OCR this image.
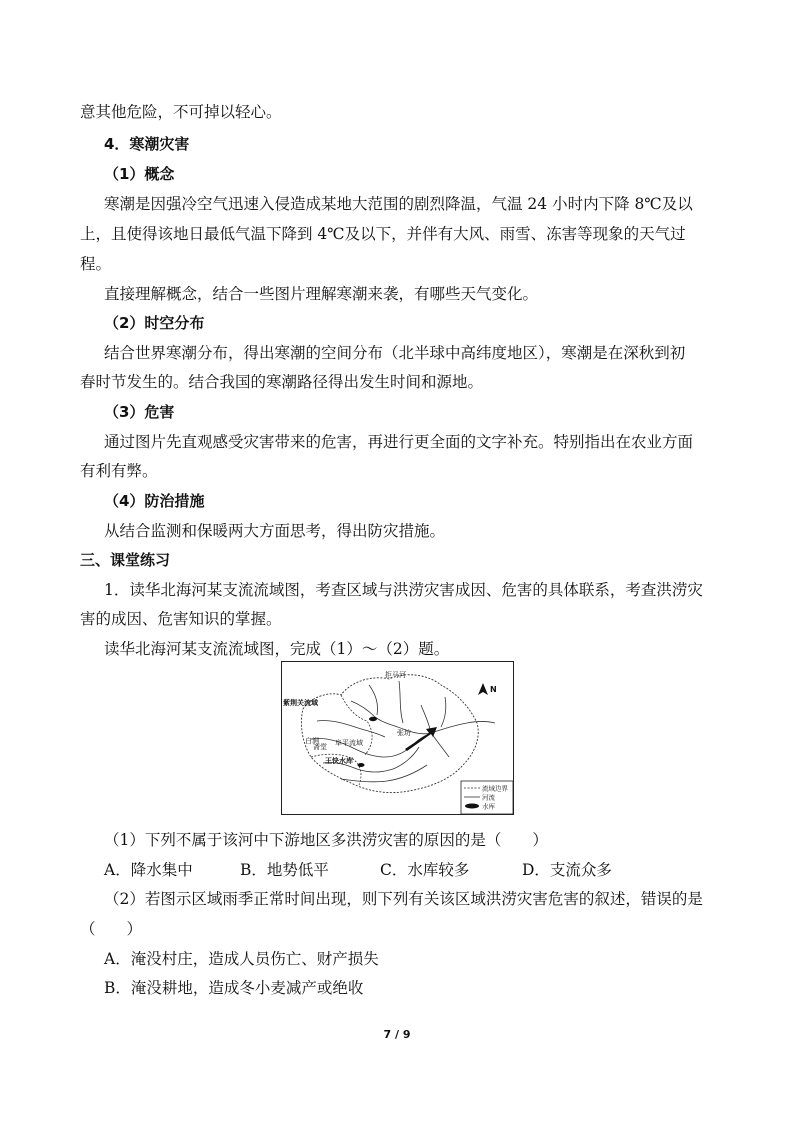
意其他危险，不可掉以轻心。
4．寒潮灾害
（1）概念
寒潮是因强冷空气迅速入侵造成某地大范围的剧烈降温，气温 24 小时内下降 8℃及以
上，且使得该地日最低气温下降到 4℃及以下，并伴有大风、雨雪、冻害等现象的天气过
程。
直接理解概念，结合一些图片理解寒潮来袭，有哪些天气变化。
（2）时空分布
结合世界寒潮分布，得出寒潮的空间分布（北半球中高纬度地区），寒潮是在深秋到初
春时节发生的。结合我国的寒潮路径得出发生时间和源地。
（3）危害
通过图片先直观感受灾害带来的危害，再进行更全面的文字补充。特别指出在农业方面
有利有弊。
（4）防治措施
从结合监测和保暖两大方面思考，得出防灾措施。
三、课堂练习
1．读华北海河某支流流域图，考查区域与洪涝灾害成因、危害的具体联系，考查洪涝灾
害的成因、危害知识的掌握。
读华北海河某支流流域图，完成（1）～（2）题。
N
拒马河
紫荆关流域
张坊
白涧
斋堂 阜平流域
王快水库
流域边界
河流
水库
（1）下列不属于该河中下游地区多洪涝灾害的原因的是（　　）
A．降水集中	B．地势低平	C．水库较多	D．支流众多
（2）若图示区域雨季正常时间出现，则下列有关该区域洪涝灾害危害的叙述，错误的是
（　　）
A．淹没村庄，造成人员伤亡、财产损失
B．淹没耕地，造成冬小麦减产或绝收
7 / 9
